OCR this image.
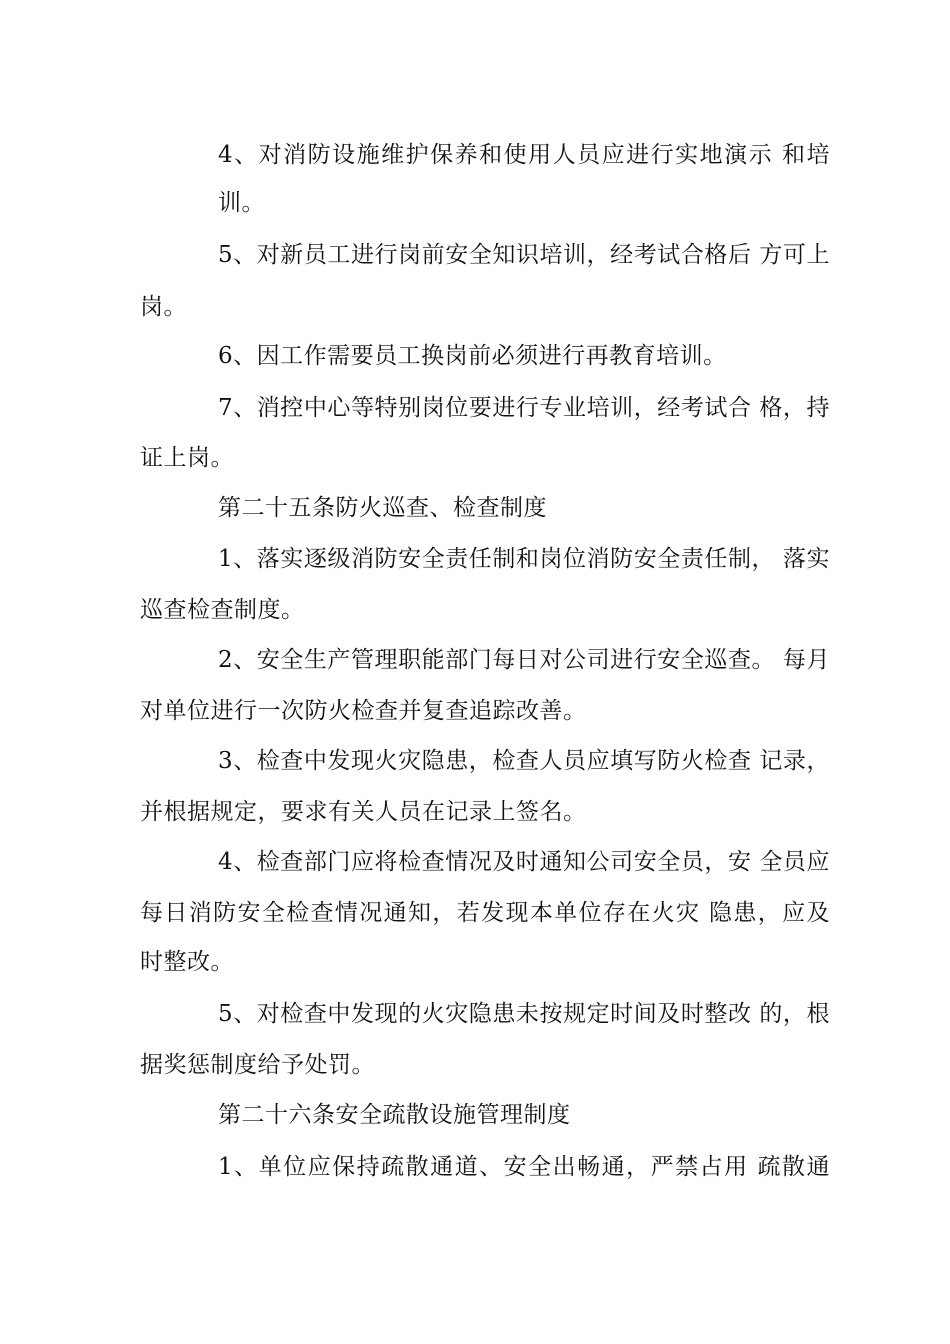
4、对消防设施维护保养和使用人员应进行实地演示 和培
训。
5、对新员工进行岗前安全知识培训，经考试合格后 方可上
岗。
6、因工作需要员工换岗前必须进行再教育培训。
7、消控中心等特别岗位要进行专业培训，经考试合 格，持
证上岗。
第二十五条防火巡查、检查制度
1、落实逐级消防安全责任制和岗位消防安全责任制， 落实
巡查检查制度。
2、安全生产管理职能部门每日对公司进行安全巡查。 每月
对单位进行一次防火检查并复查追踪改善。
3、检查中发现火灾隐患，检查人员应填写防火检查 记录，
并根据规定，要求有关人员在记录上签名。
4、检查部门应将检查情况及时通知公司安全员，安 全员应
每日消防安全检查情况通知，若发现本单位存在火灾 隐患，应及
时整改。
5、对检查中发现的火灾隐患未按规定时间及时整改 的，根
据奖惩制度给予处罚。
第二十六条安全疏散设施管理制度
1、单位应保持疏散通道、安全出畅通，严禁占用 疏散通
